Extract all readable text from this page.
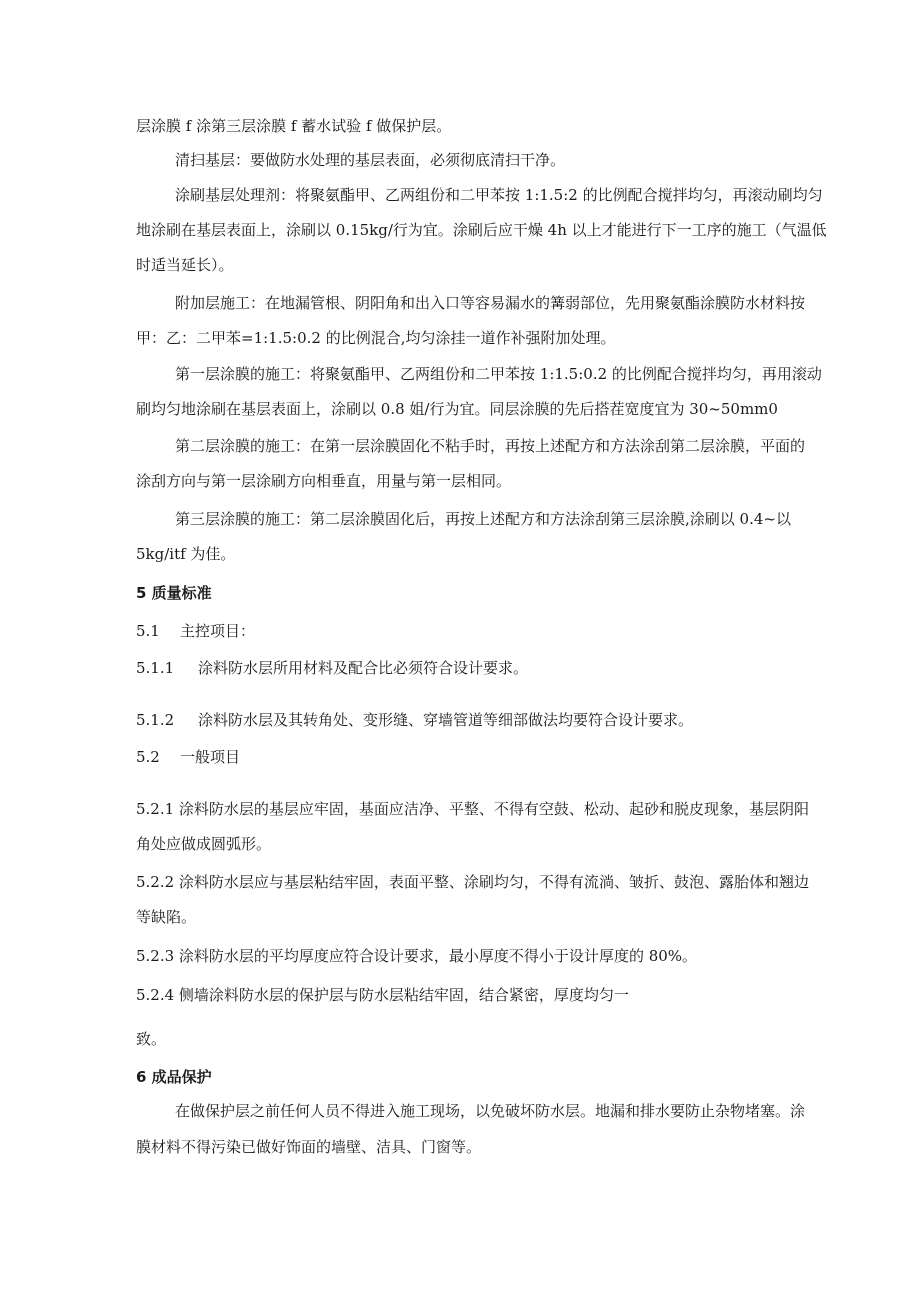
层涂膜 f 涂第三层涂膜 f 蓄水试验 f 做保护层。
清扫基层：要做防水处理的基层表面，必须彻底清扫干净。
涂刷基层处理剂：将聚氨酯甲、乙两组份和二甲苯按 1:1.5:2 的比例配合搅拌均匀，再滚动刷均匀
地涂刷在基层表面上，涂刷以 0.15kg/行为宜。涂刷后应干燥 4h 以上才能进行下一工序的施工（气温低
时适当延长）。
附加层施工：在地漏管根、阴阳角和出入口等容易漏水的篝弱部位，先用聚氨酯涂膜防水材料按
甲：乙：二甲苯=1:1.5:0.2 的比例混合,均匀涂挂一道作补强附加处理。
第一层涂膜的施工：将聚氨酯甲、乙两组份和二甲苯按 1:1.5:0.2 的比例配合搅拌均匀，再用滚动
刷均匀地涂刷在基层表面上，涂刷以 0.8 姐/行为宜。同层涂膜的先后搭茬宽度宜为 30~50mm0
第二层涂膜的施工：在第一层涂膜固化不粘手时，再按上述配方和方法涂刮第二层涂膜，平面的
涂刮方向与第一层涂刷方向相垂直，用量与第一层相同。
第三层涂膜的施工：第二层涂膜固化后，再按上述配方和方法涂刮第三层涂膜,涂刷以 0.4~以
5kg/itf 为佳。
5 质量标准
5.1 主控项目：
5.1.1 涂料防水层所用材料及配合比必须符合设计要求。
5.1.2 涂料防水层及其转角处、变形缝、穿墙管道等细部做法均要符合设计要求。
5.2 一般项目
5.2.1 涂料防水层的基层应牢固，基面应洁净、平整、不得有空鼓、松动、起砂和脱皮现象，基层阴阳
角处应做成圆弧形。
5.2.2 涂料防水层应与基层粘结牢固，表面平整、涂刷均匀，不得有流淌、皱折、鼓泡、露胎体和翘边
等缺陷。
5.2.3 涂料防水层的平均厚度应符合设计要求，最小厚度不得小于设计厚度的 80%。
5.2.4 侧墙涂料防水层的保护层与防水层粘结牢固，结合紧密，厚度均匀一
致。
6 成品保护
在做保护层之前任何人员不得进入施工现场，以免破坏防水层。地漏和排水要防止杂物堵塞。涂
膜材料不得污染已做好饰面的墙壁、洁具、门窗等。
